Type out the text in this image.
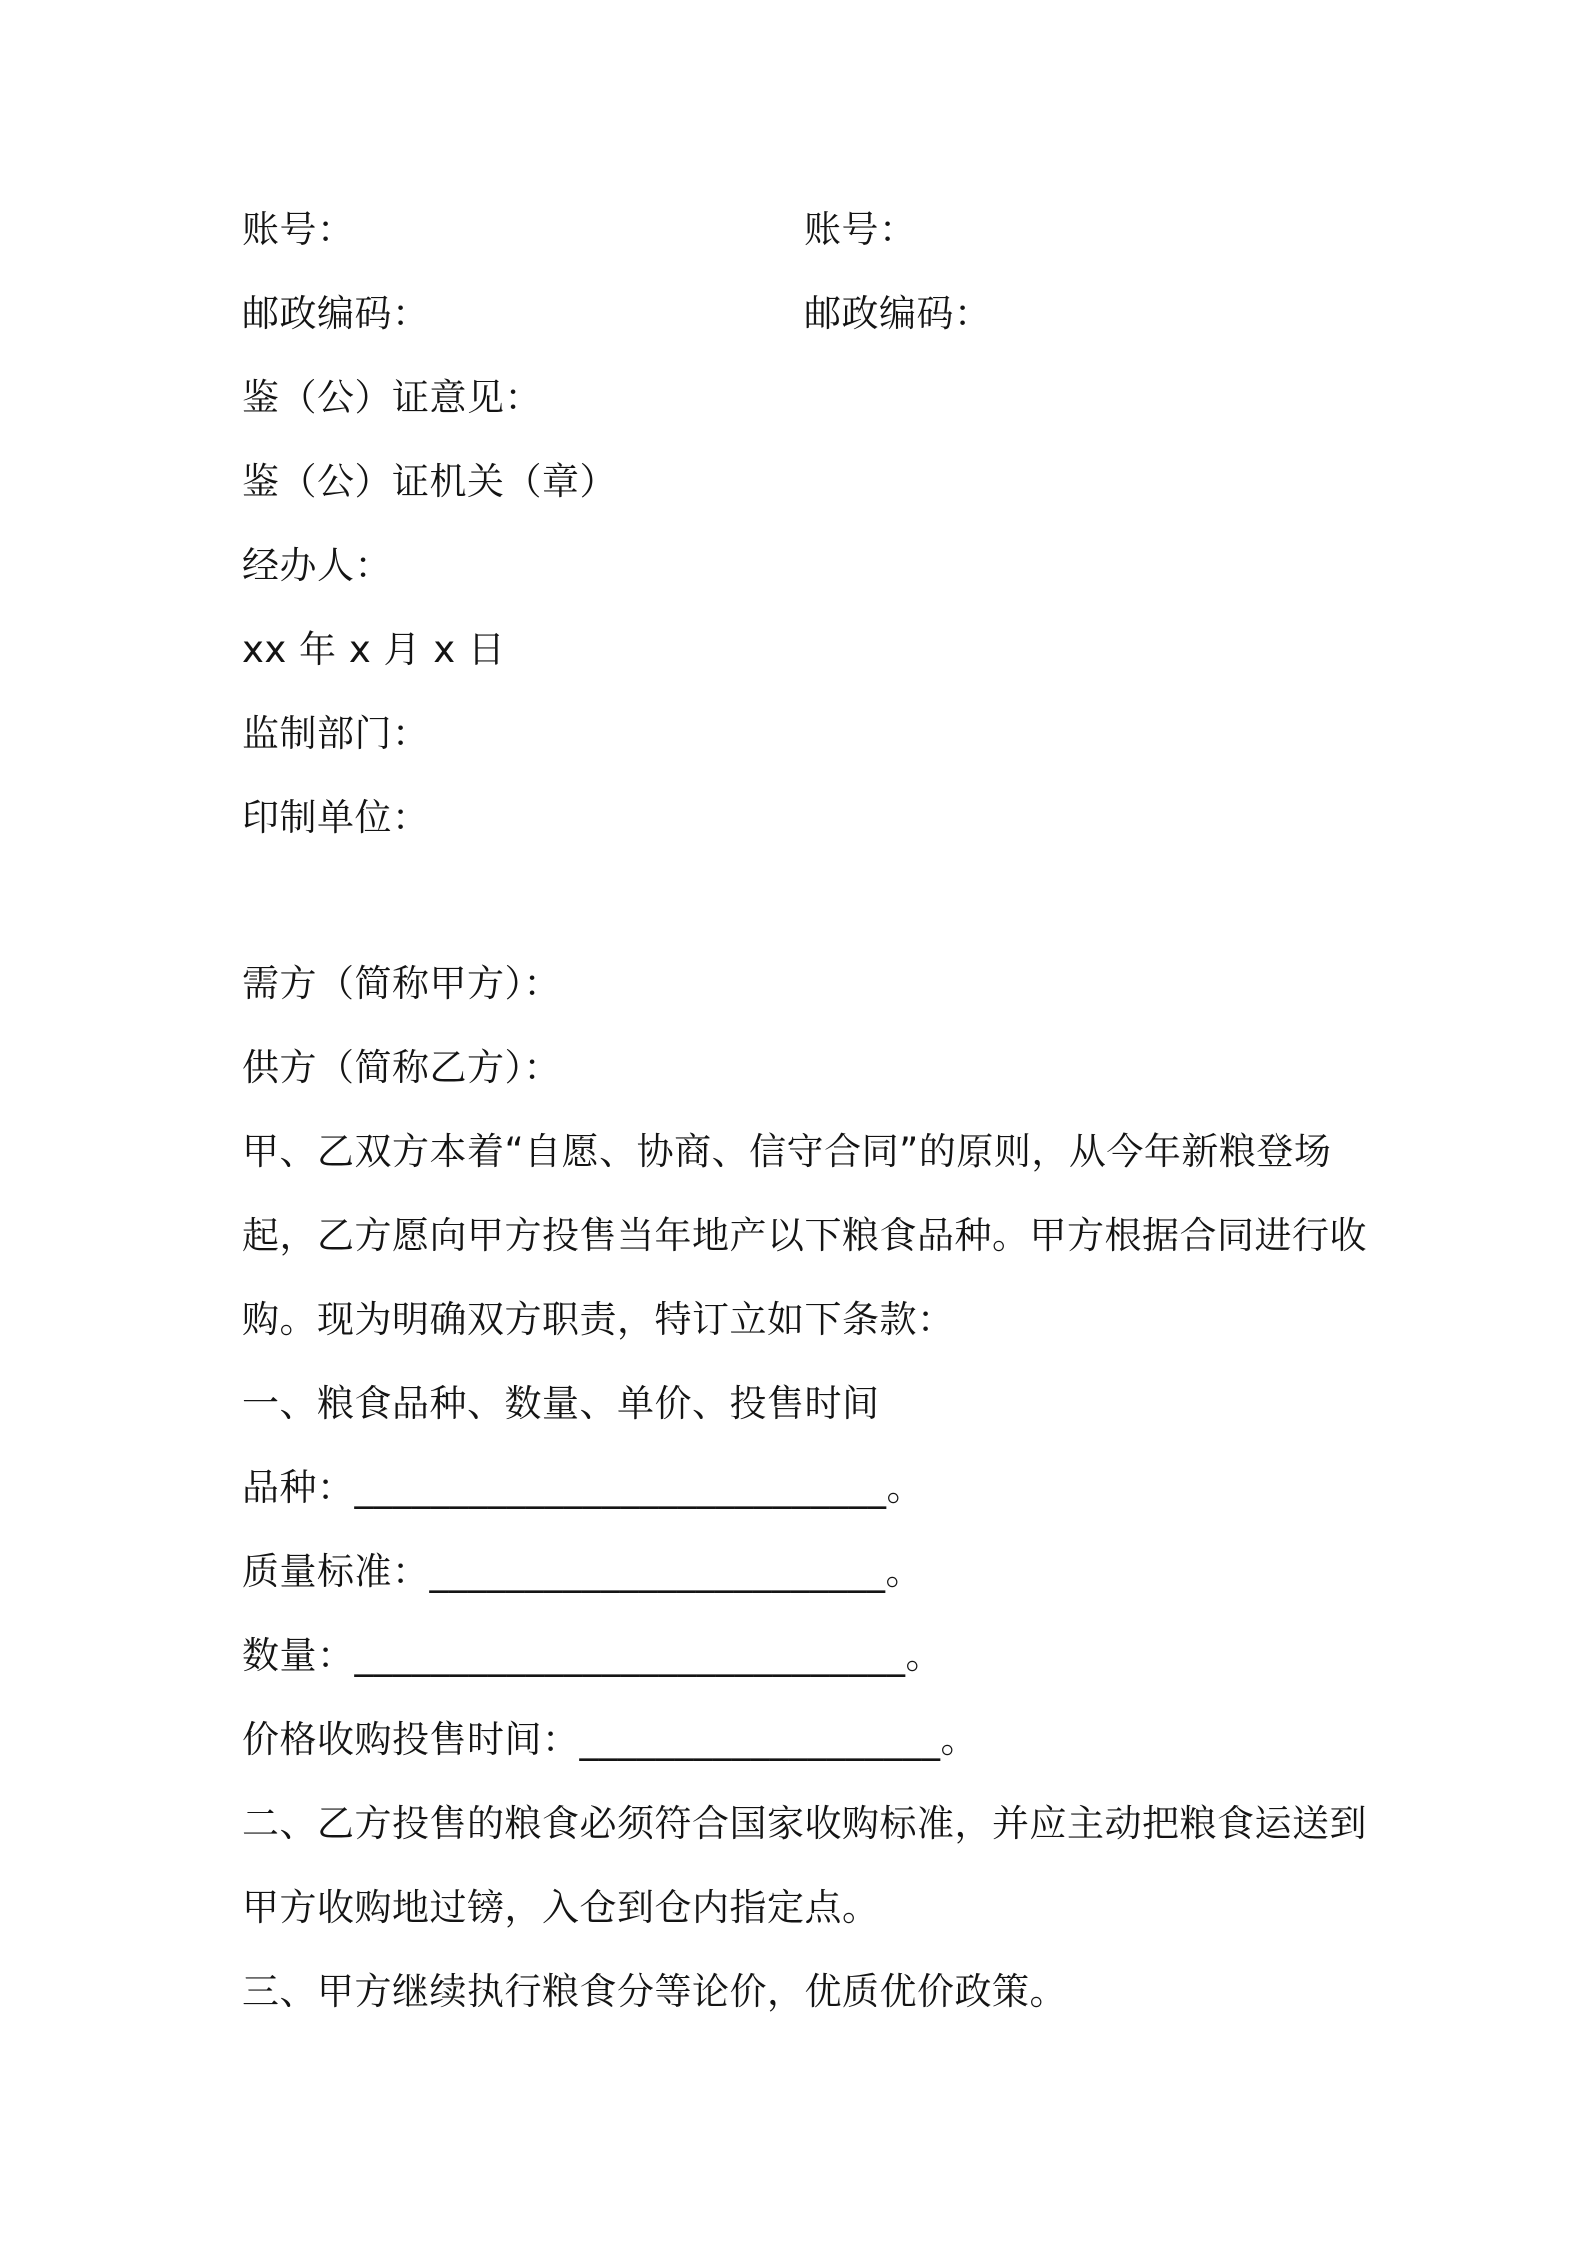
账号：	账号：
邮政编码：	邮政编码：
鉴（公）证意见：
鉴（公）证机关（章）
经办人：
xx 年 x 月 x 日
监制部门：
印制单位：
需方（简称甲方）：
供方（简称乙方）：
甲、乙双方本着“自愿、协商、信守合同”的原则，从今年新粮登场
起，乙方愿向甲方投售当年地产以下粮食品种。甲方根据合同进行收
购。现为明确双方职责，特订立如下条款：
一、粮食品种、数量、单价、投售时间
品种：____________________________。
质量标准：________________________。
数量：_____________________________。
价格收购投售时间：___________________。
二、乙方投售的粮食必须符合国家收购标准，并应主动把粮食运送到
甲方收购地过镑，入仓到仓内指定点。
三、甲方继续执行粮食分等论价，优质优价政策。
